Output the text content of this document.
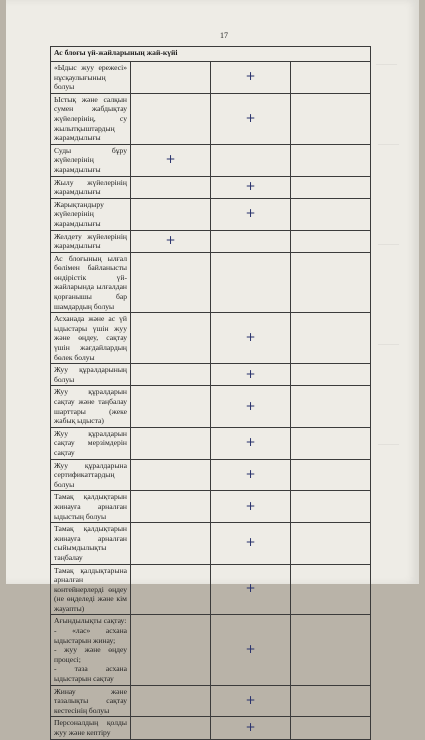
17
———
———
———
———
———
Ас блоғы үй-жайларының жай-күйі			
«Ыдыс жуу ережесі» нұсқаулығының болуы		+	

Ыстық және салқын сумен жабдықтау жүйелерінің, су жылытқыштардың жарамдылығы		+	

Суды бұру жүйелерінің жарамдылығы	+		

Жылу жүйелерінің жарамдылығы		+	

Жарықтандыру жүйелерінің жарамдылығы		+	

Желдету жүйелерінің жарамдылығы	+		

Ас блоғының ылғал бөлімен байланысты өндірістік үй-жайларында ылғалдан қорғанышы бар шамдардың болуы			
Асханада және ас үй ыдыстары үшін жуу және өңдеу, сақтау үшін жағдайлардың бөлек болуы		+	

Жуу құралдарының болуы		+	

Жуу құралдарын сақтау және таңбалау шарттары (жеке жабық ыдыста)		+	

Жуу құралдарын сақтау мерзімдерін сақтау		+	

Жуу құралдарына сертификаттардың болуы		+	

Тамақ қалдықтарын жинауға арналған ыдыстың болуы		+	

Тамақ қалдықтарын жинауға арналған сыйымдылықты таңбалау		+	

Тамақ қалдықтарына арналған контейнерлерді өңдеу (не өңделеді және кім жауапты)		+	

Ағындылықты сақтау:
- «лас» асхана ыдыстарын жинау;
- жуу және өңдеу процесі;
- таза асхана ыдыстарын сақтау		+	

Жинау және тазалықты сақтау кестесінің болуы		+	

Персоналдың қолды жуу және кептіру		+	
